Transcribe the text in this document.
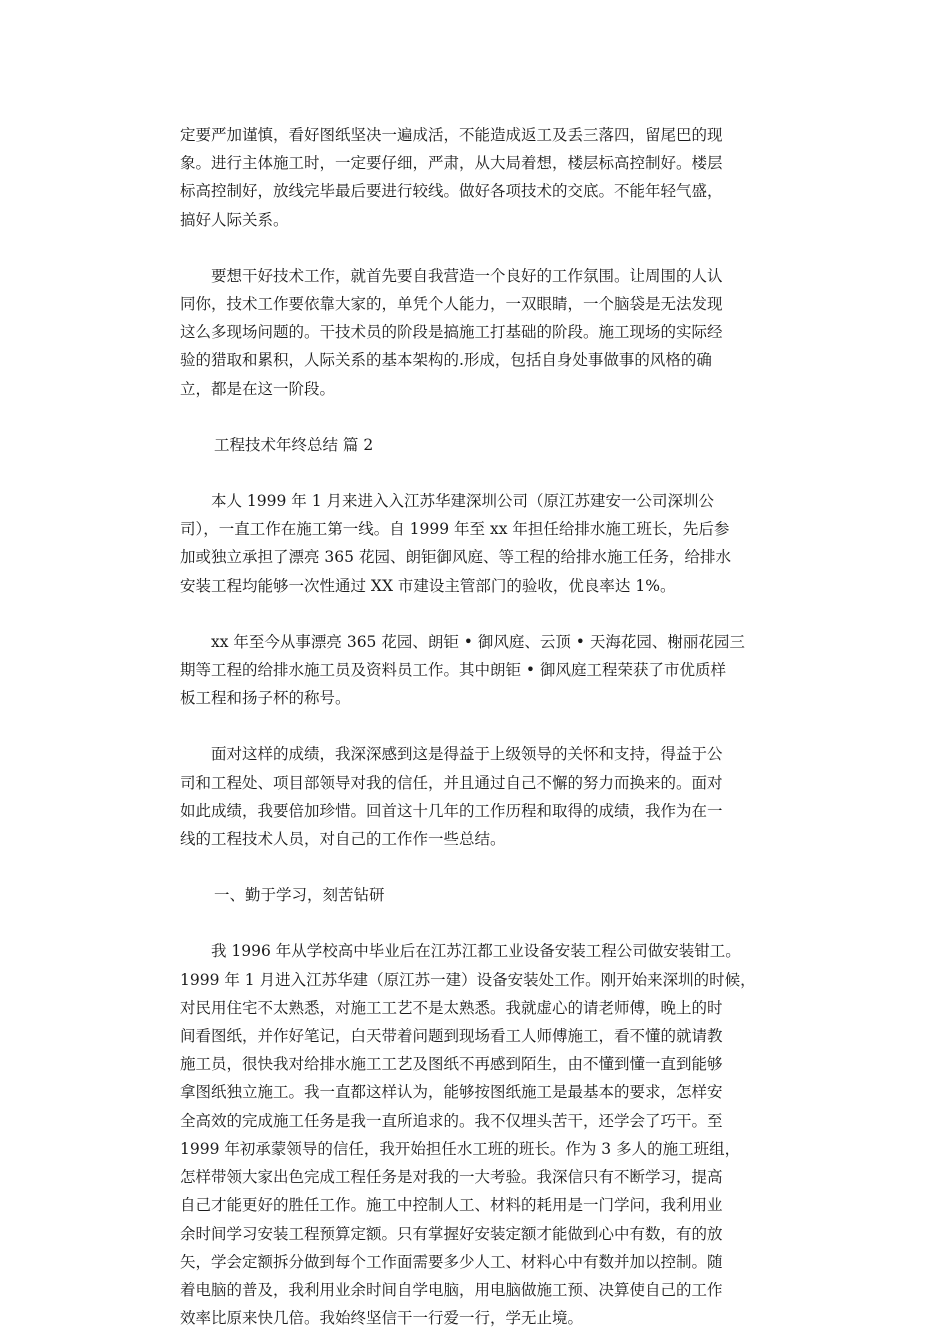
定要严加谨慎，看好图纸坚决一遍成活，不能造成返工及丢三落四，留尾巴的现
象。进行主体施工时，一定要仔细，严肃，从大局着想，楼层标高控制好。楼层
标高控制好，放线完毕最后要进行较线。做好各项技术的交底。不能年轻气盛，
搞好人际关系。

要想干好技术工作，就首先要自我营造一个良好的工作氛围。让周围的人认
同你，技术工作要依靠大家的，单凭个人能力，一双眼睛，一个脑袋是无法发现
这么多现场问题的。干技术员的阶段是搞施工打基础的阶段。施工现场的实际经
验的猎取和累积，人际关系的基本架构的.形成，包括自身处事做事的风格的确
立，都是在这一阶段。

工程技术年终总结 篇 2

本人 1999 年 1 月来进入入江苏华建深圳公司（原江苏建安一公司深圳公
司），一直工作在施工第一线。自 1999 年至 xx 年担任给排水施工班长，先后参
加或独立承担了漂亮 365 花园、朗钜御风庭、等工程的给排水施工任务，给排水
安装工程均能够一次性通过 XX 市建设主管部门的验收，优良率达 1%。

xx 年至今从事漂亮 365 花园、朗钜 • 御风庭、云顶 • 天海花园、榭丽花园三
期等工程的给排水施工员及资料员工作。其中朗钜 • 御风庭工程荣获了市优质样
板工程和扬子杯的称号。

面对这样的成绩，我深深感到这是得益于上级领导的关怀和支持，得益于公
司和工程处、项目部领导对我的信任，并且通过自己不懈的努力而换来的。面对
如此成绩，我要倍加珍惜。回首这十几年的工作历程和取得的成绩，我作为在一
线的工程技术人员，对自己的工作作一些总结。

一、勤于学习，刻苦钻研

我 1996 年从学校高中毕业后在江苏江都工业设备安装工程公司做安装钳工。
1999 年 1 月进入江苏华建（原江苏一建）设备安装处工作。刚开始来深圳的时候，
对民用住宅不太熟悉，对施工工艺不是太熟悉。我就虚心的请老师傅，晚上的时
间看图纸，并作好笔记，白天带着问题到现场看工人师傅施工，看不懂的就请教
施工员，很快我对给排水施工工艺及图纸不再感到陌生，由不懂到懂一直到能够
拿图纸独立施工。我一直都这样认为，能够按图纸施工是最基本的要求，怎样安
全高效的完成施工任务是我一直所追求的。我不仅埋头苦干，还学会了巧干。至
1999 年初承蒙领导的信任，我开始担任水工班的班长。作为 3 多人的施工班组，
怎样带领大家出色完成工程任务是对我的一大考验。我深信只有不断学习，提高
自己才能更好的胜任工作。施工中控制人工、材料的耗用是一门学问，我利用业
余时间学习安装工程预算定额。只有掌握好安装定额才能做到心中有数，有的放
矢，学会定额拆分做到每个工作面需要多少人工、材料心中有数并加以控制。随
着电脑的普及，我利用业余时间自学电脑，用电脑做施工预、决算使自己的工作
效率比原来快几倍。我始终坚信干一行爱一行，学无止境。
